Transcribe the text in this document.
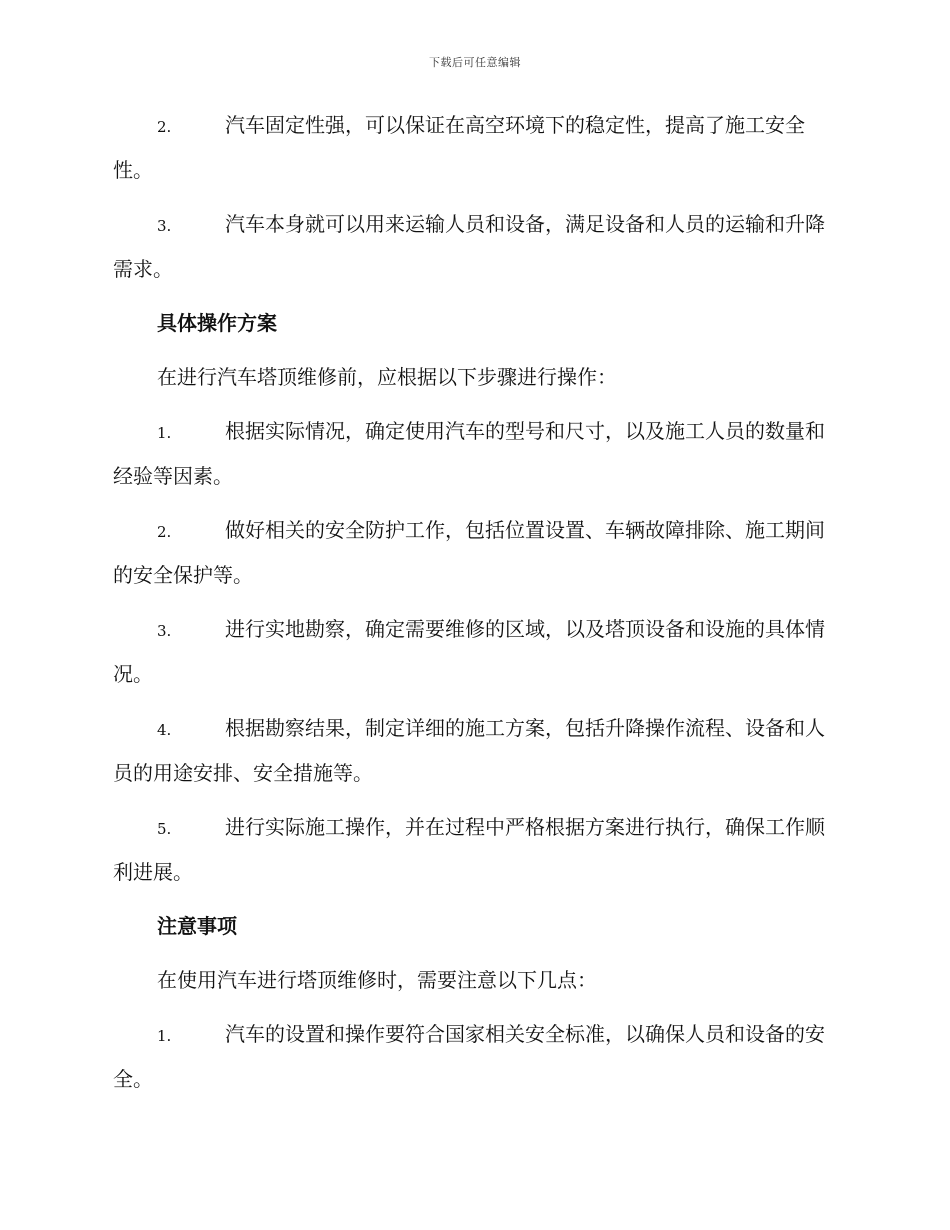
下载后可任意编辑

2.	汽车固定性强，可以保证在高空环境下的稳定性，提高了施工安全性。

3.	汽车本身就可以用来运输人员和设备，满足设备和人员的运输和升降需求。

具体操作方案

在进行汽车塔顶维修前，应根据以下步骤进行操作：

1.	根据实际情况，确定使用汽车的型号和尺寸，以及施工人员的数量和经验等因素。

2.	做好相关的安全防护工作，包括位置设置、车辆故障排除、施工期间的安全保护等。

3.	进行实地勘察，确定需要维修的区域，以及塔顶设备和设施的具体情况。

4.	根据勘察结果，制定详细的施工方案，包括升降操作流程、设备和人员的用途安排、安全措施等。

5.	进行实际施工操作，并在过程中严格根据方案进行执行，确保工作顺利进展。

注意事项

在使用汽车进行塔顶维修时，需要注意以下几点：

1.	汽车的设置和操作要符合国家相关安全标准，以确保人员和设备的安全。
